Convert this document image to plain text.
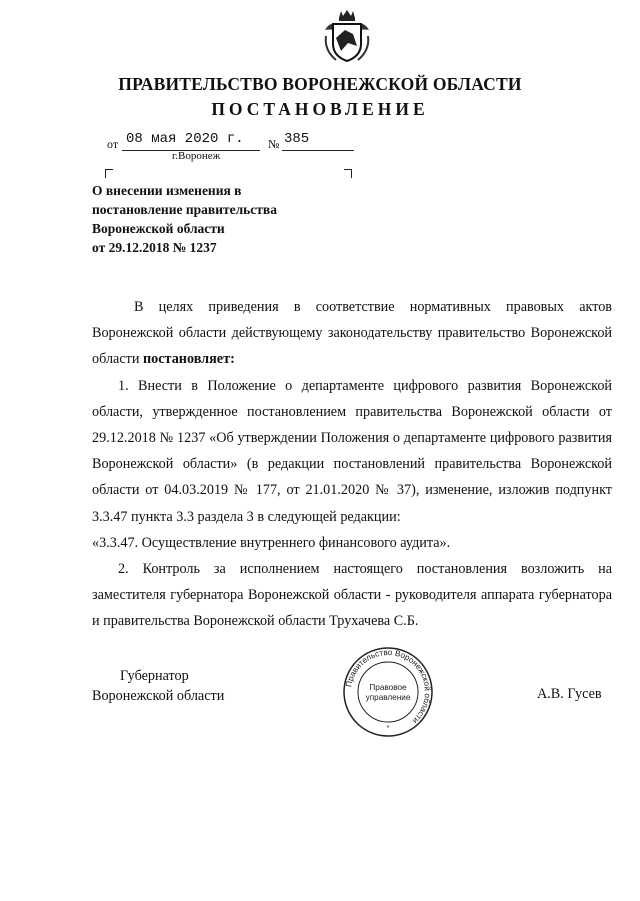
ПРАВИТЕЛЬСТВО ВОРОНЕЖСКОЙ ОБЛАСТИ
ПОСТАНОВЛЕНИЕ
от 08 мая 2020 г.	№ 385
г.Воронеж
О внесении изменения в
постановление правительства
Воронежской области
от 29.12.2018 № 1237

В целях приведения в соответствие нормативных правовых актов Воронежской области действующему законодательству правительство Воронежской области постановляет:

1. Внести в Положение о департаменте цифрового развития Воронежской области, утвержденное постановлением правительства Воронежской области от 29.12.2018 № 1237 «Об утверждении Положения о департаменте цифрового развития Воронежской области» (в редакции постановлений правительства Воронежской области от 04.03.2019 № 177, от 21.01.2020 № 37), изменение, изложив подпункт 3.3.47 пункта 3.3 раздела 3 в следующей редакции:

«3.3.47. Осуществление внутреннего финансового аудита».

2. Контроль за исполнением настоящего постановления возложить на заместителя губернатора Воронежской области - руководителя аппарата губернатора и правительства Воронежской области Трухачева С.Б.

Губернатор
Воронежской области	А.В. Гусев
Правительство Воронежской области
Правовое
управление
*
